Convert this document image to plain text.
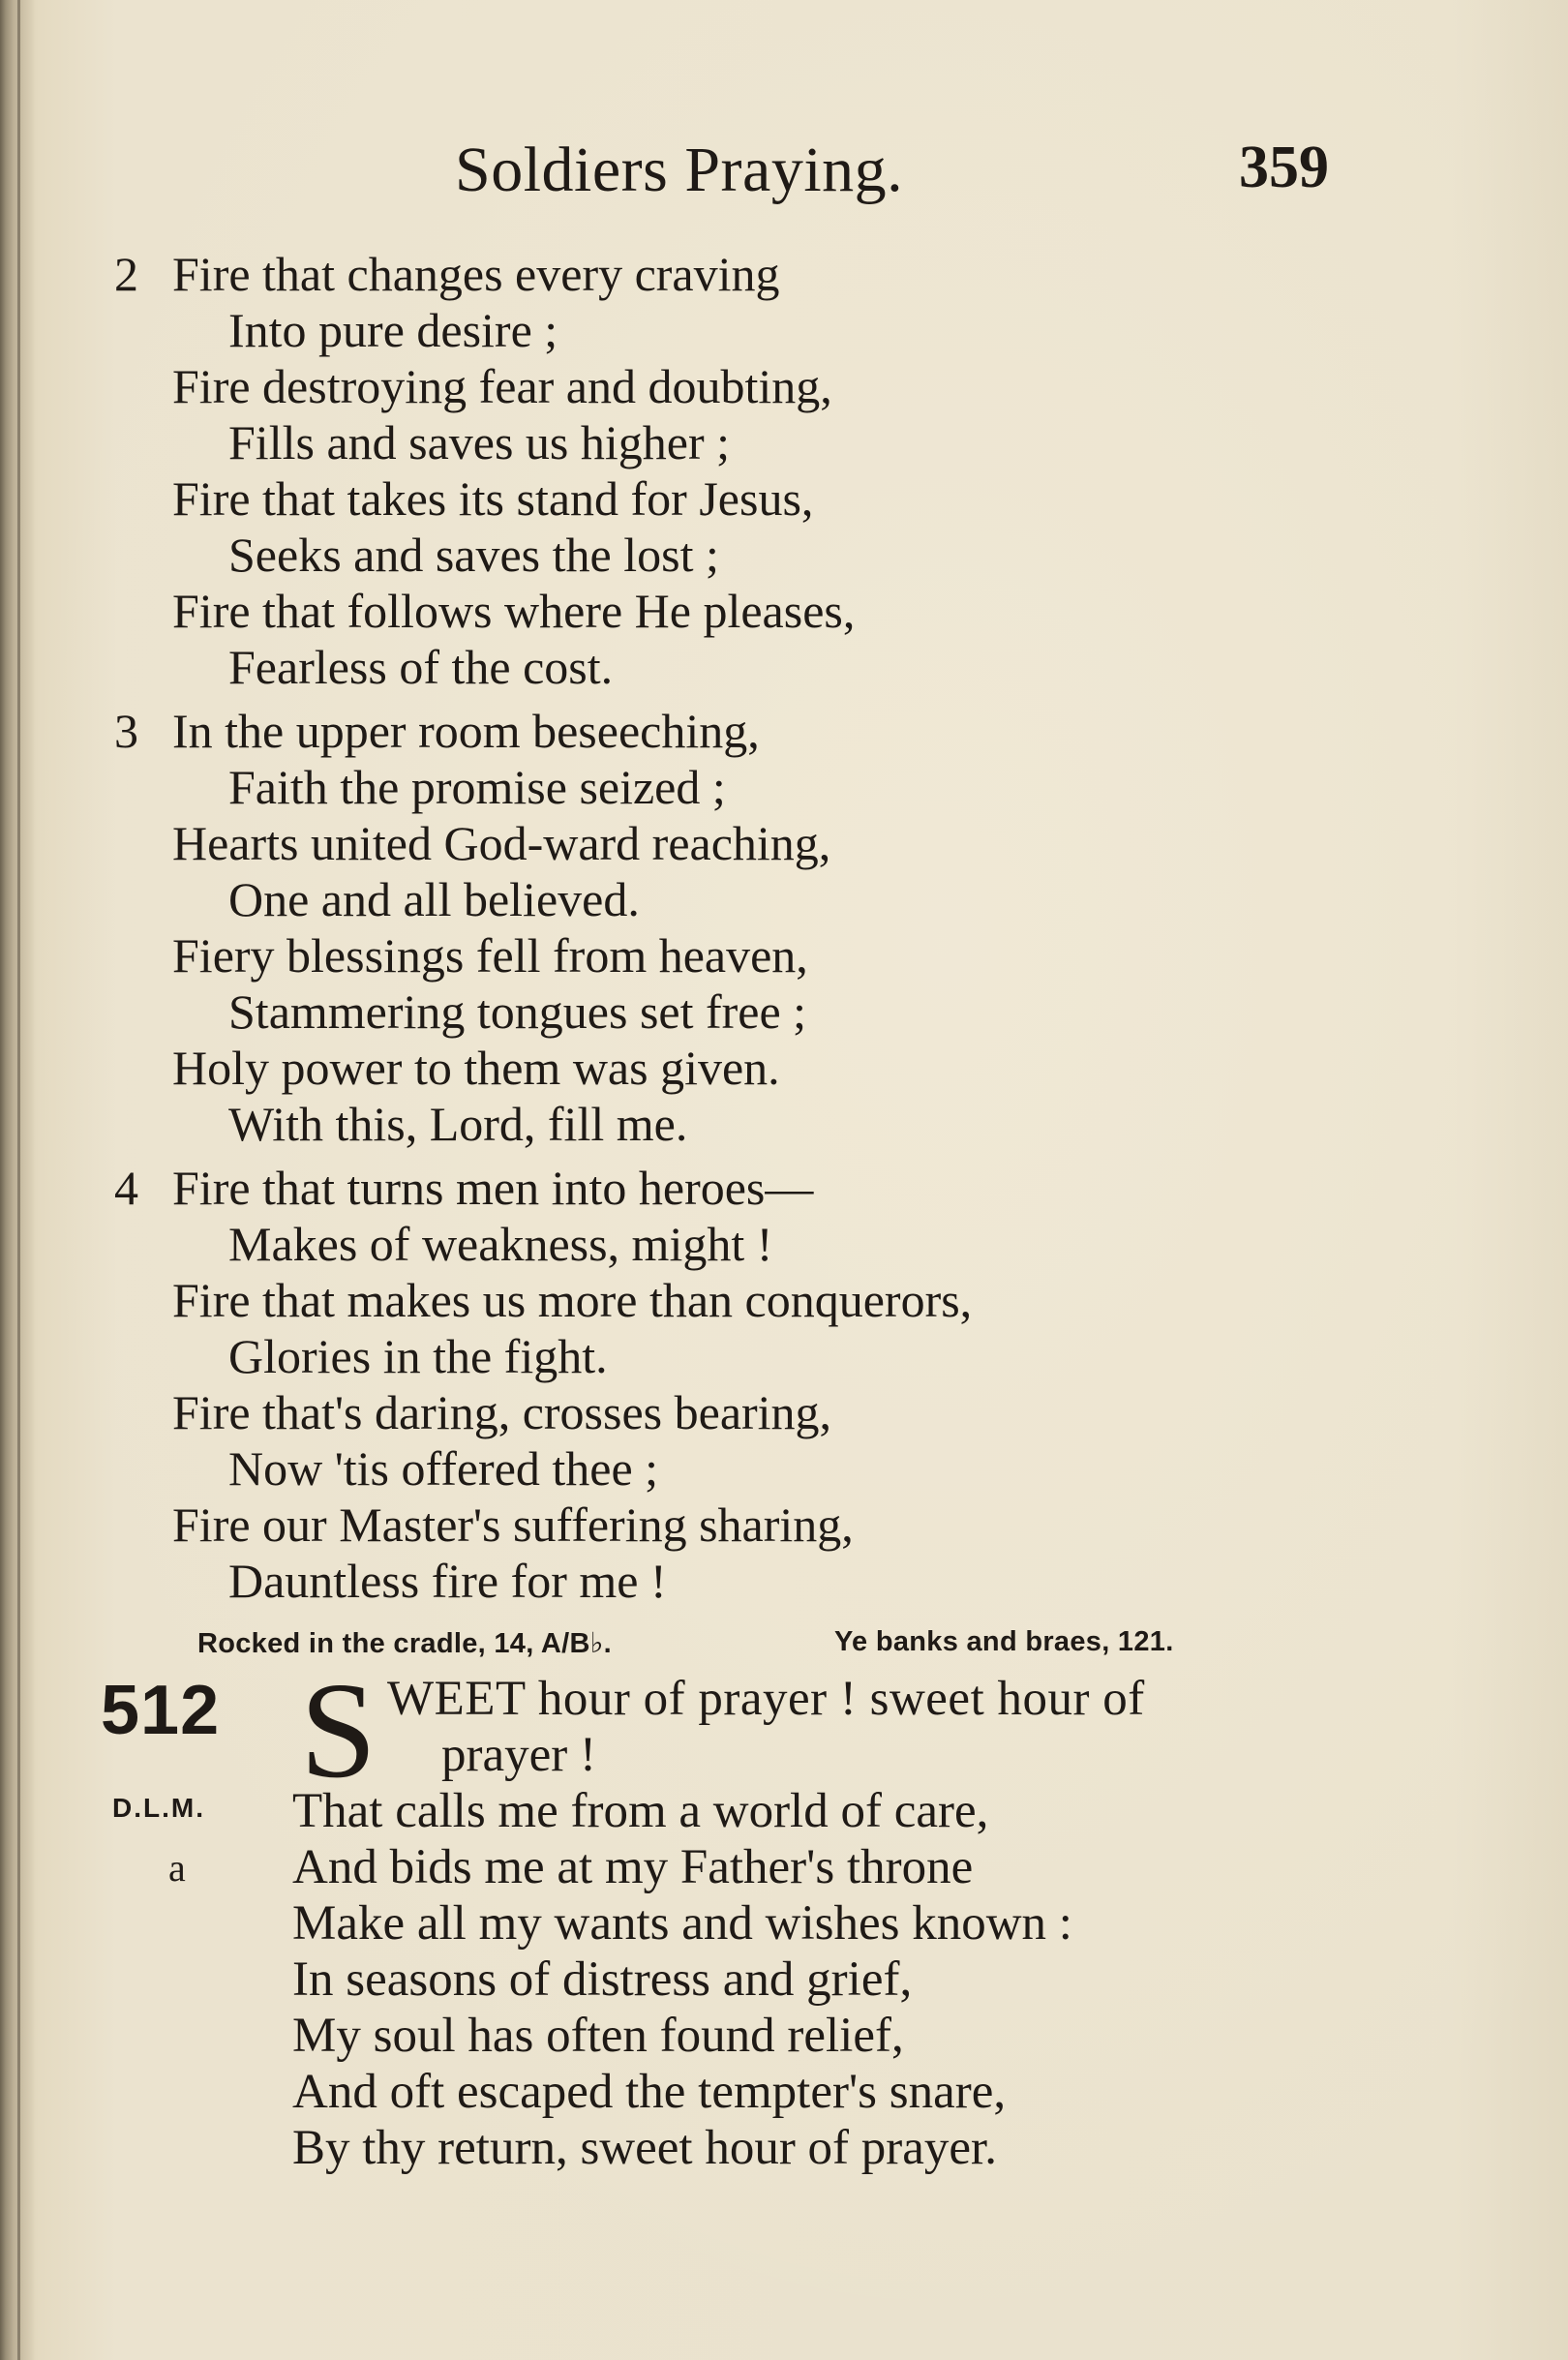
Soldiers Praying.	359
2 Fire that changes every craving
Into pure desire ;
Fire destroying fear and doubting,
Fills and saves us higher ;
Fire that takes its stand for Jesus,
Seeks and saves the lost ;
Fire that follows where He pleases,
Fearless of the cost.
3 In the upper room beseeching,
Faith the promise seized ;
Hearts united God-ward reaching,
One and all believed.
Fiery blessings fell from heaven,
Stammering tongues set free ;
Holy power to them was given.
With this, Lord, fill me.
4 Fire that turns men into heroes—
Makes of weakness, might !
Fire that makes us more than conquerors,
Glories in the fight.
Fire that's daring, crosses bearing,
Now 'tis offered thee ;
Fire our Master's suffering sharing,
Dauntless fire for me !
Rocked in the cradle, 14, A/B♭.	Ye banks and braes, 121.
512 S
D.L.M.
a
WEET hour of prayer ! sweet hour of
prayer !
That calls me from a world of care,
And bids me at my Father's throne
Make all my wants and wishes known :
In seasons of distress and grief,
My soul has often found relief,
And oft escaped the tempter's snare,
By thy return, sweet hour of prayer.
